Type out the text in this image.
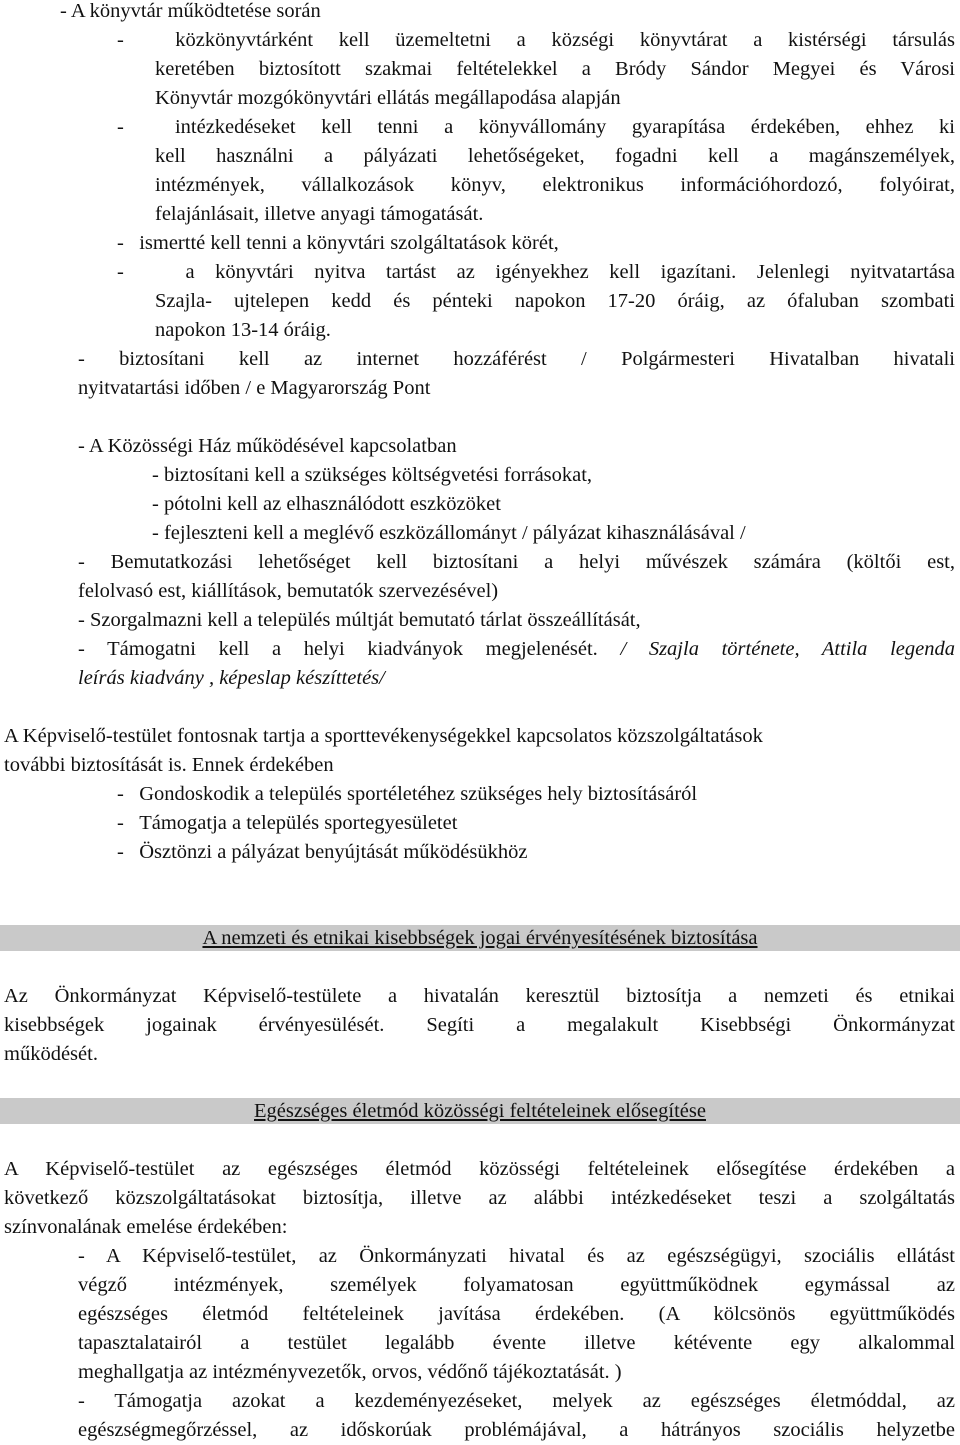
- A könyvtár működtetése során
-  közkönyvtárként kell üzemeltetni a községi könyvtárat a kistérségi társulás
keretében biztosított szakmai feltételekkel a Bródy Sándor Megyei és Városi
Könyvtár mozgókönyvtári ellátás megállapodása alapján
-  intézkedéseket kell tenni a könyvállomány gyarapítása érdekében, ehhez ki
kell használni a pályázati lehetőségeket, fogadni kell a magánszemélyek,
intézmények, vállalkozások könyv, elektronikus információhordozó, folyóirat,
felajánlásait, illetve anyagi támogatását.
-   ismertté kell tenni a könyvtári szolgáltatások körét,
-   a könyvtári nyitva tartást az igényekhez kell igazítani. Jelenlegi nyitvatartása
Szajla- ujtelepen kedd és pénteki napokon 17-20 óráig, az ófaluban szombati
napokon 13-14 óráig.
- biztosítani kell az internet hozzáférést / Polgármesteri Hivatalban hivatali
nyitvatartási időben / e Magyarország Pont
- A Közösségi Ház működésével kapcsolatban
- biztosítani kell a szükséges költségvetési forrásokat,
- pótolni kell az elhasználódott eszközöket
- fejleszteni kell a meglévő eszközállományt / pályázat kihasználásával /
- Bemutatkozási lehetőséget kell biztosítani a helyi művészek számára (költői est,
felolvasó est, kiállítások, bemutatók szervezésével)
- Szorgalmazni kell a település múltját bemutató tárlat összeállítását,
- Támogatni kell a helyi kiadványok megjelenését. / Szajla története, Attila legenda
leírás kiadvány , képeslap készíttetés/
A Képviselő-testület fontosnak tartja a sporttevékenységekkel kapcsolatos közszolgáltatások
további biztosítását is. Ennek érdekében
-   Gondoskodik a település sportéletéhez szükséges hely biztosításáról
-   Támogatja a település sportegyesületet
-   Ösztönzi a pályázat benyújtását működésükhöz
A nemzeti és etnikai kisebbségek jogai érvényesítésének biztosítása
Az Önkormányzat Képviselő-testülete a hivatalán keresztül biztosítja a nemzeti és etnikai
kisebbségek jogainak érvényesülését. Segíti a megalakult Kisebbségi Önkormányzat
működését.
Egészséges életmód közösségi feltételeinek elősegítése
A Képviselő-testület az egészséges életmód közösségi feltételeinek elősegítése érdekében a
következő közszolgáltatásokat biztosítja, illetve az alábbi intézkedéseket teszi a szolgáltatás
színvonalának emelése érdekében:
- A Képviselő-testület, az Önkormányzati hivatal és az egészségügyi, szociális ellátást
végző intézmények, személyek folyamatosan együttműködnek egymással az
egészséges életmód feltételeinek javítása érdekében. (A kölcsönös együttműködés
tapasztalatairól a testület legalább évente illetve kétévente egy alkalommal
meghallgatja az intézményvezetők, orvos, védőnő tájékoztatását. )
- Támogatja azokat a kezdeményezéseket, melyek az egészséges életmóddal, az
egészségmegőrzéssel, az időskorúak problémájával, a hátrányos szociális helyzetbe
